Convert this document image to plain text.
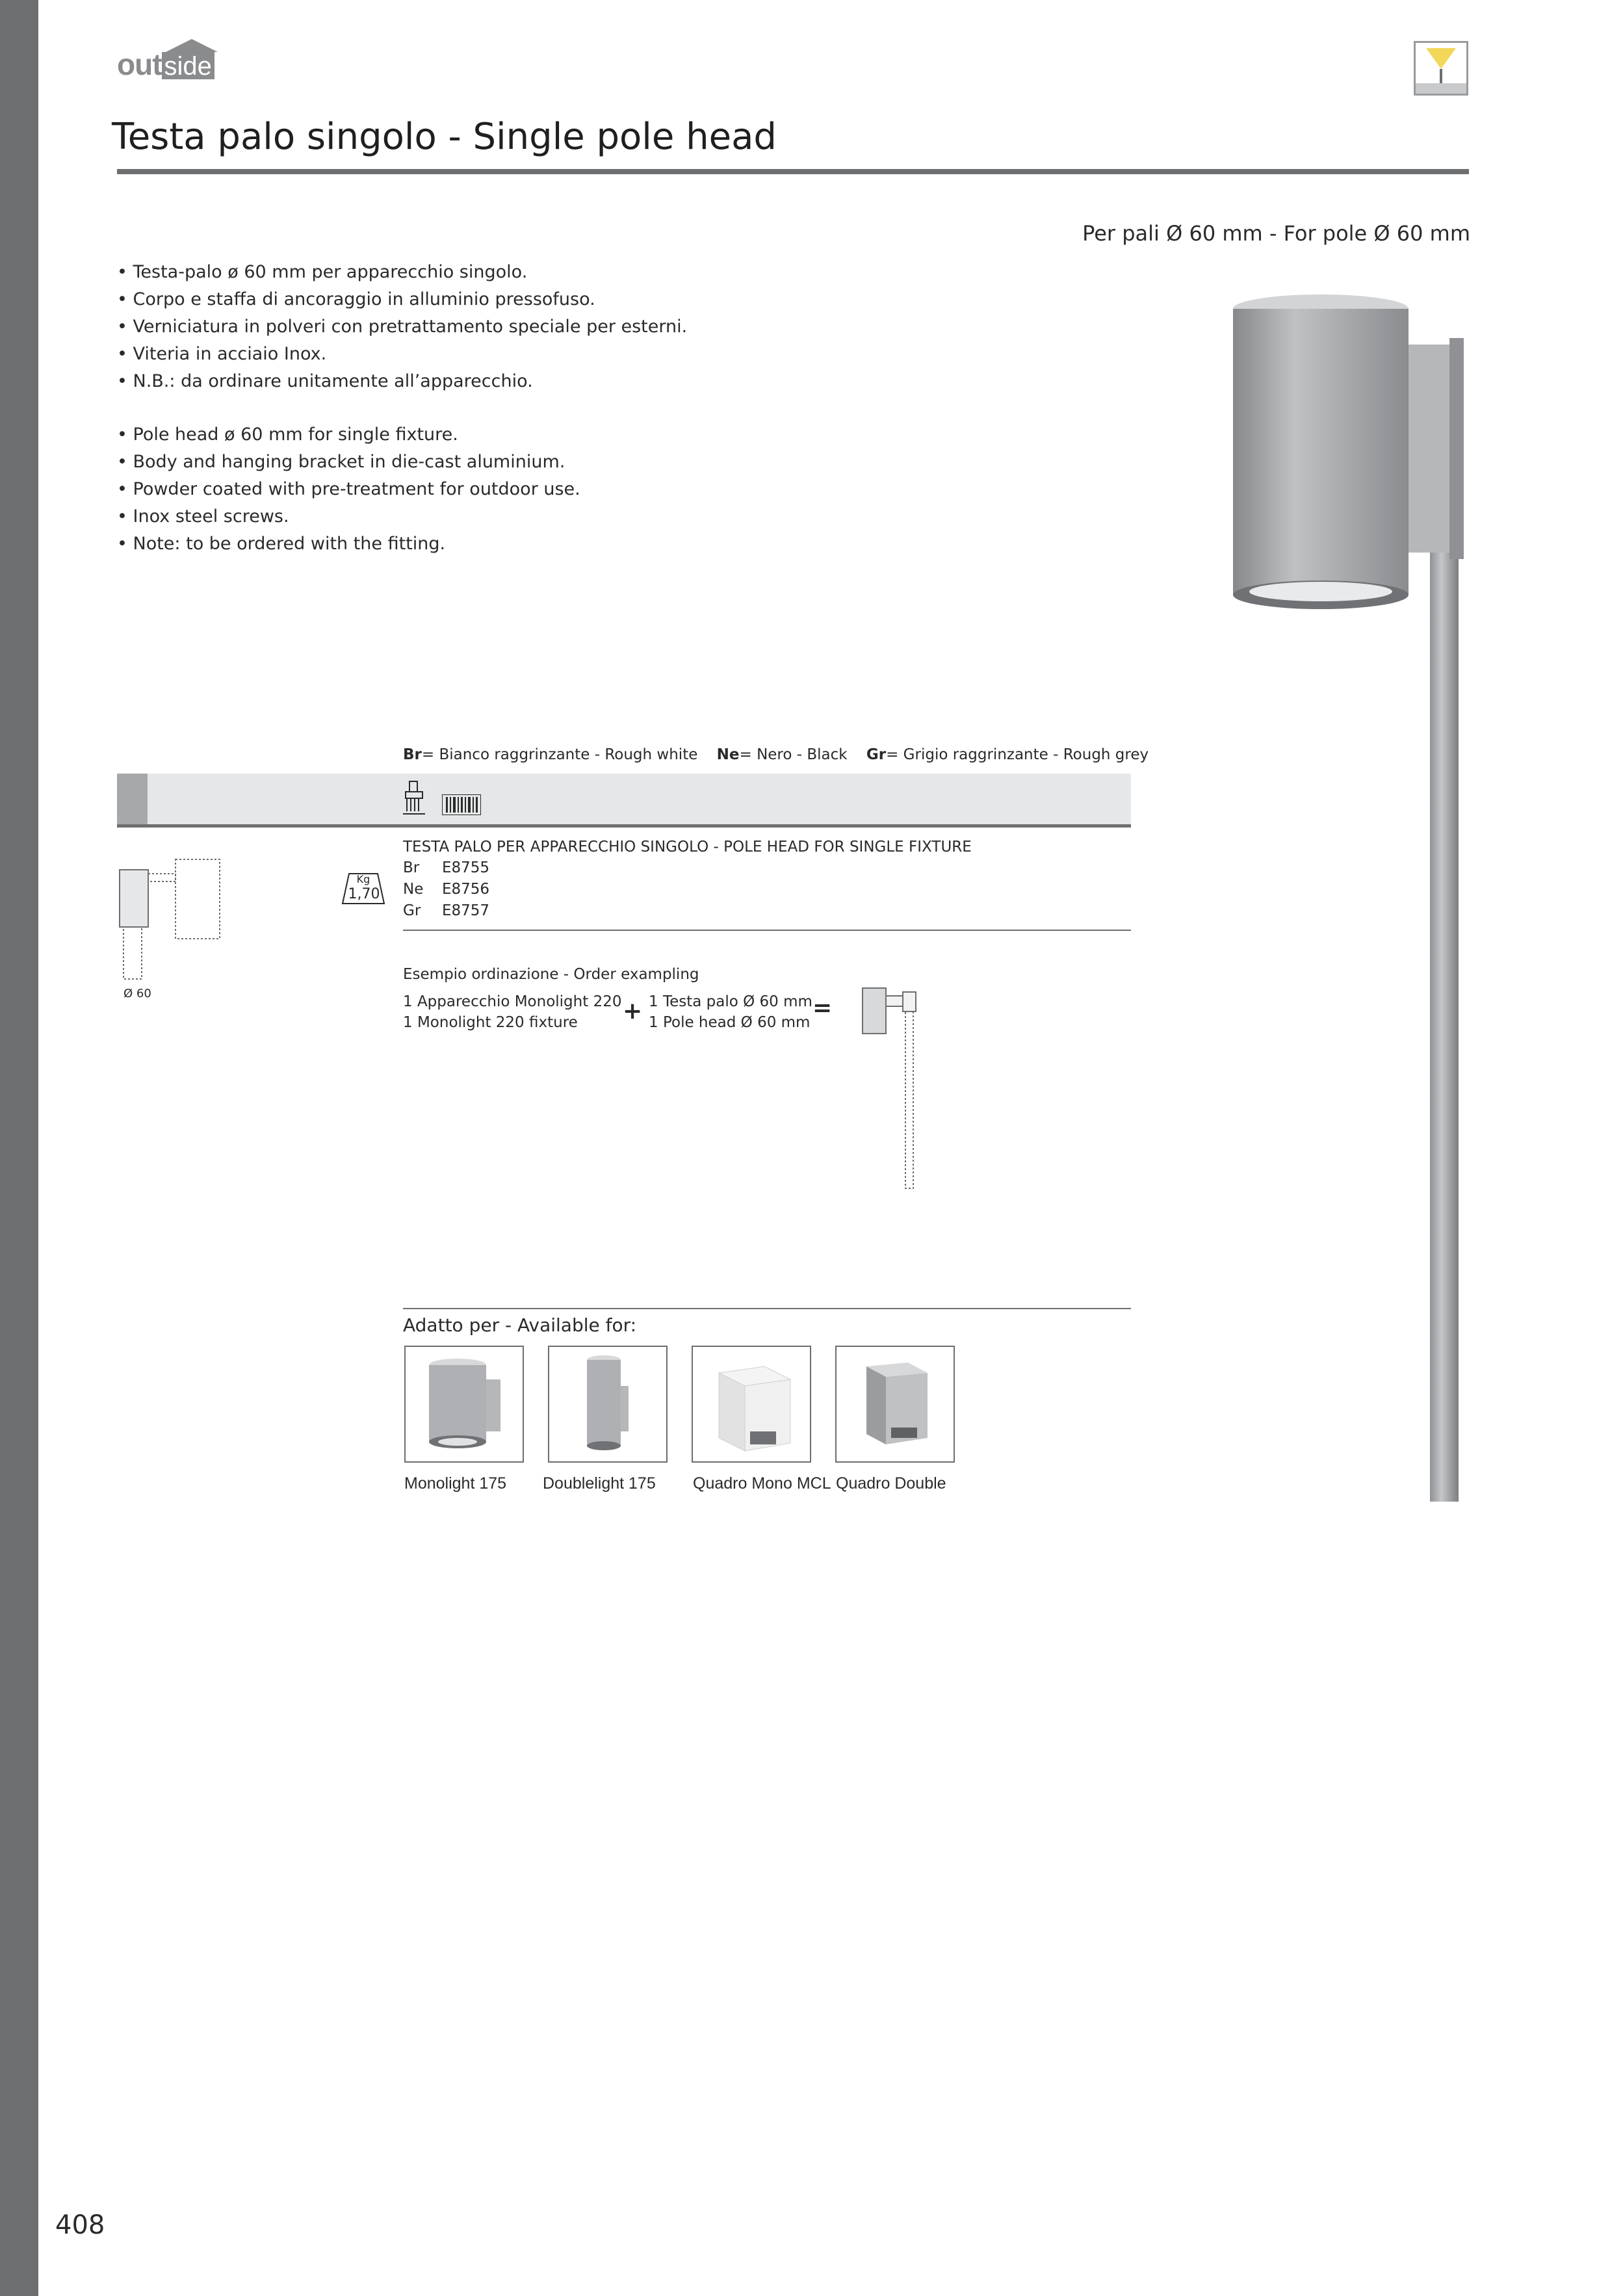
out side
Testa palo singolo - Single pole head
Per pali Ø 60 mm - For pole Ø 60 mm
• Testa-palo ø 60 mm per apparecchio singolo.
• Corpo e staffa di ancoraggio in alluminio pressofuso.
• Verniciatura in polveri con pretrattamento speciale per esterni.
• Viteria in acciaio Inox.
• N.B.: da ordinare unitamente all’apparecchio.
• Pole head ø 60 mm for single fixture.
• Body and hanging bracket in die-cast aluminium.
• Powder coated with pre-treatment for outdoor use.
• Inox steel screws.
• Note: to be ordered with the fitting.
Br= Bianco raggrinzante - Rough white Ne= Nero - Black Gr= Grigio raggrinzante - Rough grey
Ø 60
Kg
1,70
TESTA PALO PER APPARECCHIO SINGOLO - POLE HEAD FOR SINGLE FIXTURE
Br E8755
Ne E8756
Gr E8757
Esempio ordinazione - Order exampling
1 Apparecchio Monolight 220
1 Monolight 220 fixture + 1 Testa palo Ø 60 mm
1 Pole head Ø 60 mm
=
Adatto per - Available for:
Monolight 175 Doublelight 175 Quadro Mono MCL Quadro Double
408
